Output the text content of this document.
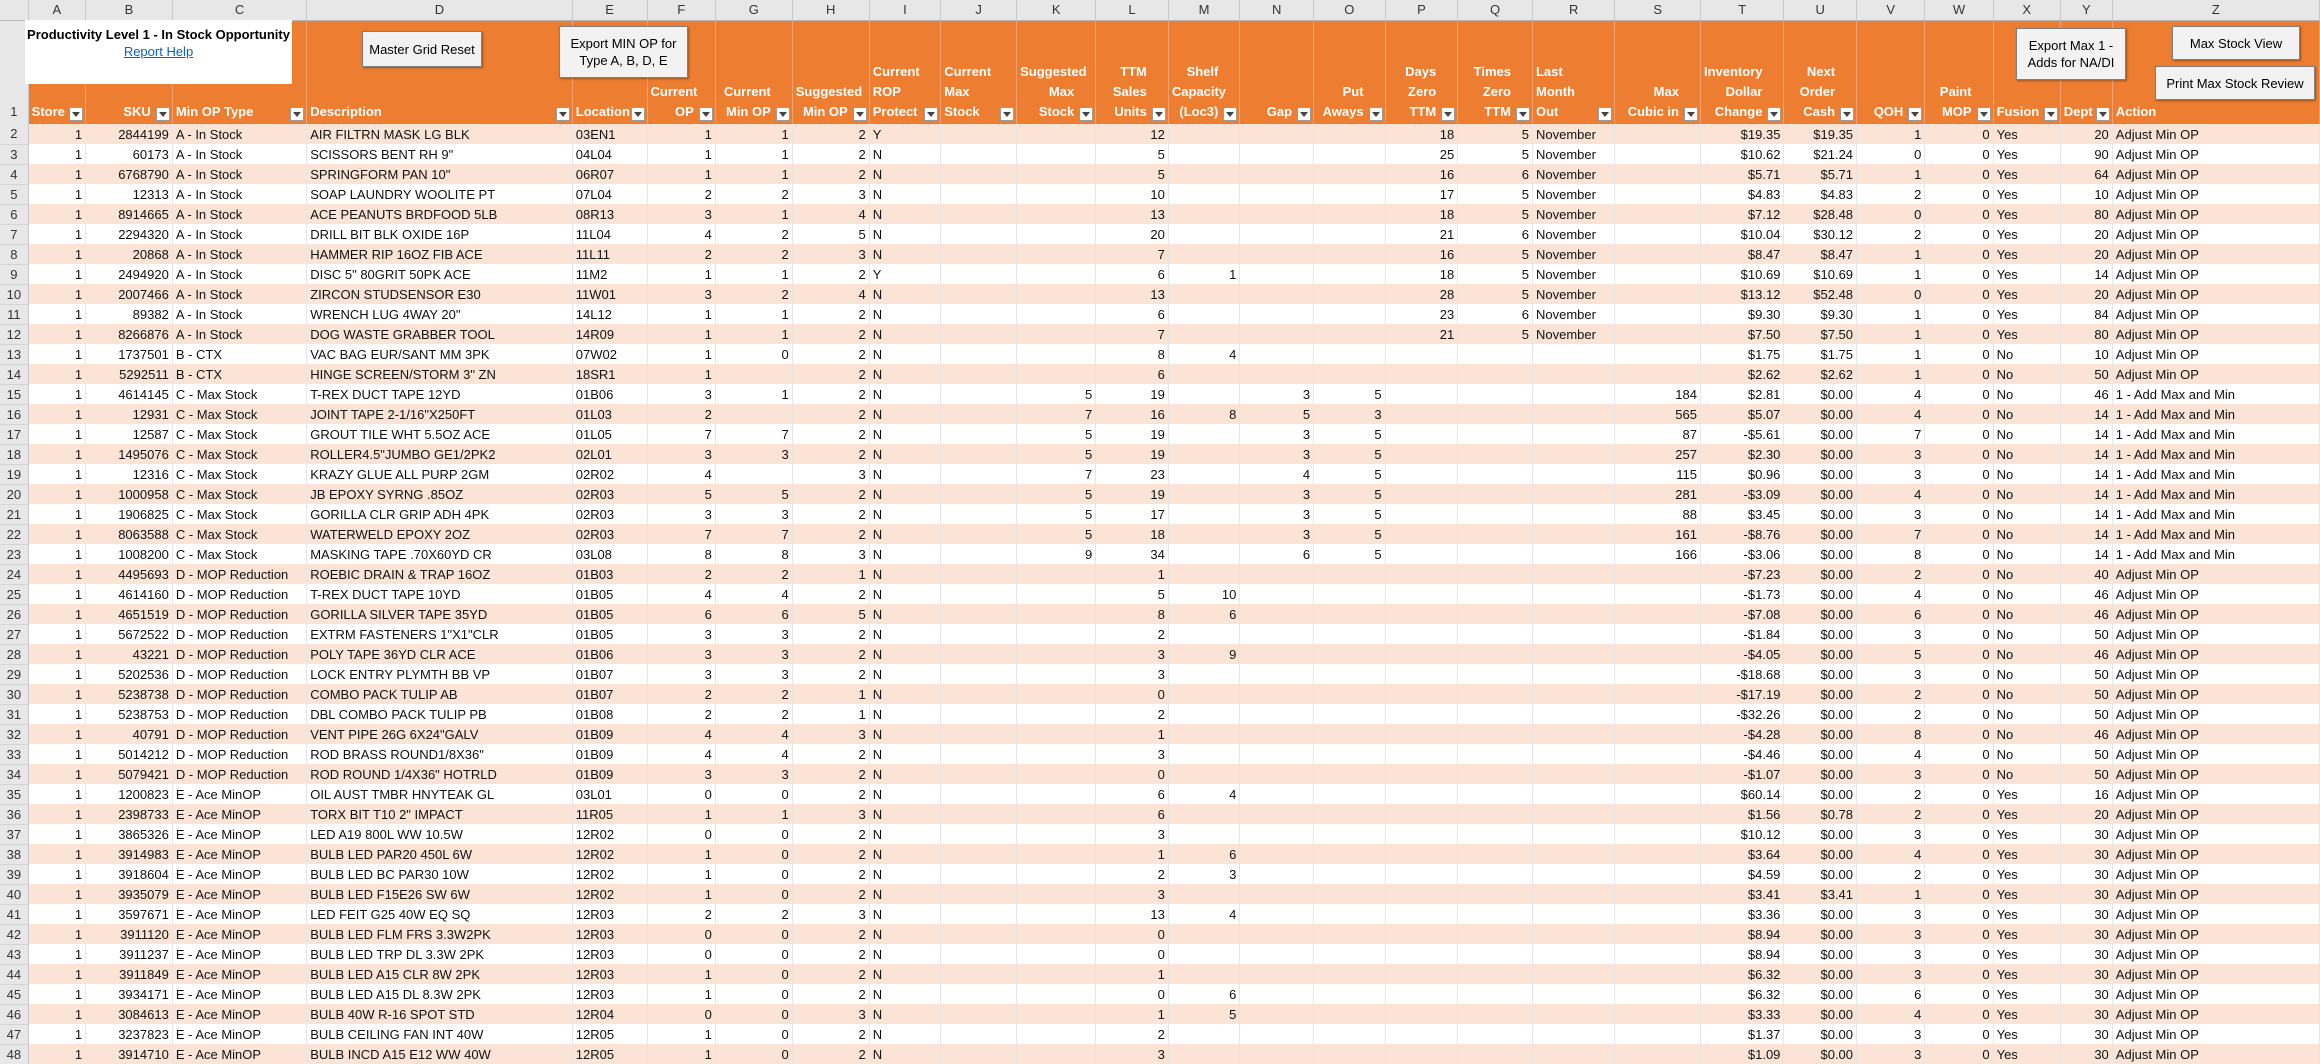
	A	B	C	D	E	F	G	H	I	J	K	L	M	N	O	P	Q	R	S	T	U	V	W	X	Y	Z
1	Store	SKU	Min OP Type	Description	Location	Current OP	Current Min OP	Suggested Min OP	Current ROP Protect	Current Max Stock	Suggested Max Stock	TTM Sales Units	Shelf Capacity (Loc3)	Gap	Put Aways	Days Zero TTM	Times Zero TTM	Last Month Out	Max Cubic in	Inventory Dollar Change	Next Order Cash	QOH	Paint MOP	Fusion	Dept	Action

2	1	2844199	A - In Stock	AIR FILTRN MASK LG BLK	03EN1	1	1	2	Y			12				18	5	November		$19.35	$19.35	1	0	Yes	20	Adjust Min OP
3	1	60173	A - In Stock	SCISSORS BENT RH 9"	04L04	1	1	2	N			5				25	5	November		$10.62	$21.24	0	0	Yes	90	Adjust Min OP
4	1	6768790	A - In Stock	SPRINGFORM PAN 10"	06R07	1	1	2	N			5				16	6	November		$5.71	$5.71	1	0	Yes	64	Adjust Min OP
5	1	12313	A - In Stock	SOAP LAUNDRY WOOLITE PT	07L04	2	2	3	N			10				17	5	November		$4.83	$4.83	2	0	Yes	10	Adjust Min OP
6	1	8914665	A - In Stock	ACE PEANUTS BRDFOOD 5LB	08R13	3	1	4	N			13				18	5	November		$7.12	$28.48	0	0	Yes	80	Adjust Min OP
7	1	2294320	A - In Stock	DRILL BIT BLK OXIDE 16P	11L04	4	2	5	N			20				21	6	November		$10.04	$30.12	2	0	Yes	20	Adjust Min OP
8	1	20868	A - In Stock	HAMMER RIP 16OZ FIB ACE	11L11	2	2	3	N			7				16	5	November		$8.47	$8.47	1	0	Yes	20	Adjust Min OP
9	1	2494920	A - In Stock	DISC 5" 80GRIT 50PK ACE	11M2	1	1	2	Y			6	1			18	5	November		$10.69	$10.69	1	0	Yes	14	Adjust Min OP
10	1	2007466	A - In Stock	ZIRCON STUDSENSOR E30	11W01	3	2	4	N			13				28	5	November		$13.12	$52.48	0	0	Yes	20	Adjust Min OP
11	1	89382	A - In Stock	WRENCH LUG 4WAY 20"	14L12	1	1	2	N			6				23	6	November		$9.30	$9.30	1	0	Yes	84	Adjust Min OP
12	1	8266876	A - In Stock	DOG WASTE GRABBER TOOL	14R09	1	1	2	N			7				21	5	November		$7.50	$7.50	1	0	Yes	80	Adjust Min OP
13	1	1737501	B - CTX	VAC BAG EUR/SANT MM 3PK	07W02	1	0	2	N			8	4							$1.75	$1.75	1	0	No	10	Adjust Min OP
14	1	5292511	B - CTX	HINGE SCREEN/STORM 3" ZN	18SR1	1		2	N			6								$2.62	$2.62	1	0	No	50	Adjust Min OP
15	1	4614145	C - Max Stock	T-REX DUCT TAPE 12YD	01B06	3	1	2	N		5	19		3	5				184	$2.81	$0.00	4	0	No	46	1 - Add Max and Min
16	1	12931	C - Max Stock	JOINT TAPE 2-1/16"X250FT	01L03	2		2	N		7	16	8	5	3				565	$5.07	$0.00	4	0	No	14	1 - Add Max and Min
17	1	12587	C - Max Stock	GROUT TILE WHT 5.5OZ ACE	01L05	7	7	2	N		5	19		3	5				87	-$5.61	$0.00	7	0	No	14	1 - Add Max and Min
18	1	1495076	C - Max Stock	ROLLER4.5"JUMBO GE1/2PK2	02L01	3	3	2	N		5	19		3	5				257	$2.30	$0.00	3	0	No	14	1 - Add Max and Min
19	1	12316	C - Max Stock	KRAZY GLUE ALL PURP 2GM	02R02	4		3	N		7	23		4	5				115	$0.96	$0.00	3	0	No	14	1 - Add Max and Min
20	1	1000958	C - Max Stock	JB EPOXY SYRNG .85OZ	02R03	5	5	2	N		5	19		3	5				281	-$3.09	$0.00	4	0	No	14	1 - Add Max and Min
21	1	1906825	C - Max Stock	GORILLA CLR GRIP ADH 4PK	02R03	3	3	2	N		5	17		3	5				88	$3.45	$0.00	3	0	No	14	1 - Add Max and Min
22	1	8063588	C - Max Stock	WATERWELD EPOXY 2OZ	02R03	7	7	2	N		5	18		3	5				161	-$8.76	$0.00	7	0	No	14	1 - Add Max and Min
23	1	1008200	C - Max Stock	MASKING TAPE .70X60YD CR	03L08	8	8	3	N		9	34		6	5				166	-$3.06	$0.00	8	0	No	14	1 - Add Max and Min
24	1	4495693	D - MOP Reduction	ROEBIC DRAIN & TRAP 16OZ	01B03	2	2	1	N			1								-$7.23	$0.00	2	0	No	40	Adjust Min OP
25	1	4614160	D - MOP Reduction	T-REX DUCT TAPE 10YD	01B05	4	4	2	N			5	10							-$1.73	$0.00	4	0	No	46	Adjust Min OP
26	1	4651519	D - MOP Reduction	GORILLA SILVER TAPE 35YD	01B05	6	6	5	N			8	6							-$7.08	$0.00	6	0	No	46	Adjust Min OP
27	1	5672522	D - MOP Reduction	EXTRM FASTENERS 1"X1"CLR	01B05	3	3	2	N			2								-$1.84	$0.00	3	0	No	50	Adjust Min OP
28	1	43221	D - MOP Reduction	POLY TAPE 36YD CLR ACE	01B06	3	3	2	N			3	9							-$4.05	$0.00	5	0	No	46	Adjust Min OP
29	1	5202536	D - MOP Reduction	LOCK ENTRY PLYMTH BB VP	01B07	3	3	2	N			3								-$18.68	$0.00	3	0	No	50	Adjust Min OP
30	1	5238738	D - MOP Reduction	COMBO PACK TULIP AB	01B07	2	2	1	N			0								-$17.19	$0.00	2	0	No	50	Adjust Min OP
31	1	5238753	D - MOP Reduction	DBL COMBO PACK TULIP PB	01B08	2	2	1	N			2								-$32.26	$0.00	2	0	No	50	Adjust Min OP
32	1	40791	D - MOP Reduction	VENT PIPE 26G 6X24"GALV	01B09	4	4	3	N			1								-$4.28	$0.00	8	0	No	46	Adjust Min OP
33	1	5014212	D - MOP Reduction	ROD BRASS ROUND1/8X36"	01B09	4	4	2	N			3								-$4.46	$0.00	4	0	No	50	Adjust Min OP
34	1	5079421	D - MOP Reduction	ROD ROUND 1/4X36" HOTRLD	01B09	3	3	2	N			0								-$1.07	$0.00	3	0	No	50	Adjust Min OP
35	1	1200823	E - Ace MinOP	OIL AUST TMBR HNYTEAK GL	03L01	0	0	2	N			6	4							$60.14	$0.00	2	0	Yes	16	Adjust Min OP
36	1	2398733	E - Ace MinOP	TORX BIT T10 2" IMPACT	11R05	1	1	3	N			6								$1.56	$0.78	2	0	Yes	20	Adjust Min OP
37	1	3865326	E - Ace MinOP	LED A19 800L WW 10.5W	12R02	0	0	2	N			3								$10.12	$0.00	3	0	Yes	30	Adjust Min OP
38	1	3914983	E - Ace MinOP	BULB LED PAR20 450L 6W	12R02	1	0	2	N			1	6							$3.64	$0.00	4	0	Yes	30	Adjust Min OP
39	1	3918604	E - Ace MinOP	BULB LED BC PAR30 10W	12R02	1	0	2	N			2	3							$4.59	$0.00	2	0	Yes	30	Adjust Min OP
40	1	3935079	E - Ace MinOP	BULB LED F15E26 SW 6W	12R02	1	0	2	N			3								$3.41	$3.41	1	0	Yes	30	Adjust Min OP
41	1	3597671	E - Ace MinOP	LED FEIT G25 40W EQ SQ	12R03	2	2	3	N			13	4							$3.36	$0.00	3	0	Yes	30	Adjust Min OP
42	1	3911120	E - Ace MinOP	BULB LED FLM FRS 3.3W2PK	12R03	0	0	2	N			0								$8.94	$0.00	3	0	Yes	30	Adjust Min OP
43	1	3911237	E - Ace MinOP	BULB LED TRP DL 3.3W 2PK	12R03	0	0	2	N			0								$8.94	$0.00	3	0	Yes	30	Adjust Min OP
44	1	3911849	E - Ace MinOP	BULB LED A15 CLR 8W 2PK	12R03	1	0	2	N			1								$6.32	$0.00	3	0	Yes	30	Adjust Min OP
45	1	3934171	E - Ace MinOP	BULB LED A15 DL 8.3W 2PK	12R03	1	0	2	N			0	6							$6.32	$0.00	6	0	Yes	30	Adjust Min OP
46	1	3084613	E - Ace MinOP	BULB 40W R-16 SPOT STD	12R04	0	0	3	N			1	5							$3.33	$0.00	4	0	Yes	30	Adjust Min OP
47	1	3237823	E - Ace MinOP	BULB CEILING FAN INT 40W	12R05	1	0	2	N			2								$1.37	$0.00	3	0	Yes	30	Adjust Min OP
48	1	3914710	E - Ace MinOP	BULB INCD A15 E12 WW 40W	12R05	1	0	2	N			3								$1.09	$0.00	3	0	Yes	30	Adjust Min OP
Productivity Level 1 - In Stock Opportunity
Report Help	Master Grid Reset	Export MIN OP for Type A, B, D, E
Export Max 1 - Adds for NA/DI
Max Stock View
Print Max Stock Review
